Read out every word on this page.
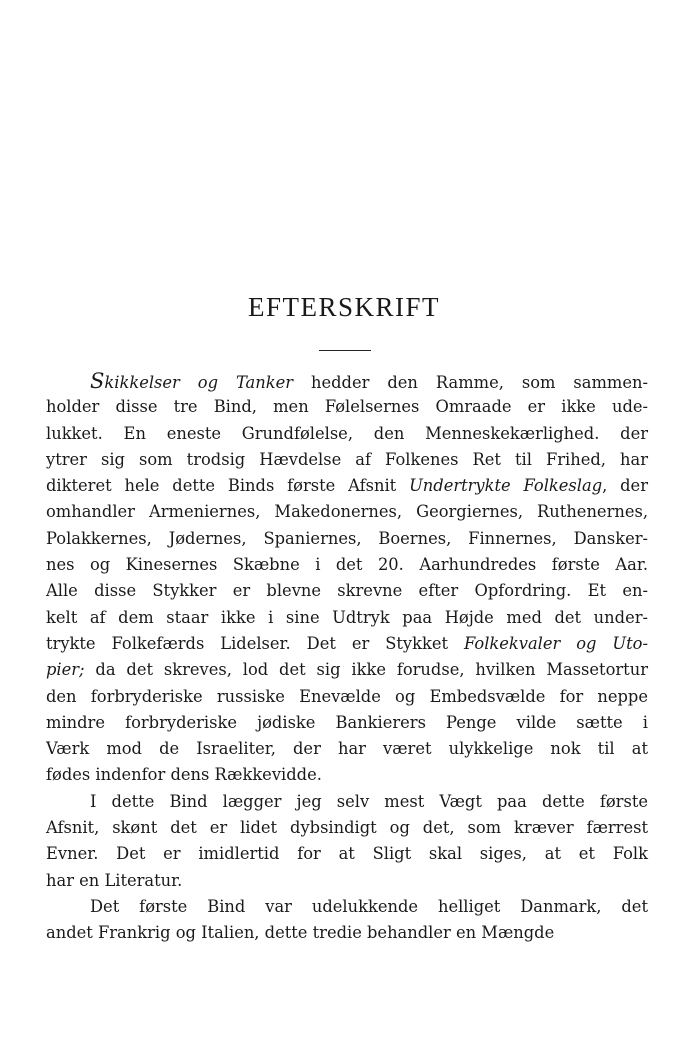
EFTERSKRIFT
Skikkelser og Tanker hedder den Ramme, som sammen-
holder disse tre Bind, men Følelsernes Omraade er ikke ude-
lukket. En eneste Grundfølelse, den Menneskekærlighed. der
ytrer sig som trodsig Hævdelse af Folkenes Ret til Frihed, har
dikteret hele dette Binds første Afsnit Undertrykte Folkeslag, der
omhandler Armeniernes, Makedonernes, Georgiernes, Ruthenernes,
Polakkernes, Jødernes, Spaniernes, Boernes, Finnernes, Dansker-
nes og Kinesernes Skæbne i det 20. Aarhundredes første Aar.
Alle disse Stykker er blevne skrevne efter Opfordring. Et en-
kelt af dem staar ikke i sine Udtryk paa Højde med det under-
trykte Folkefærds Lidelser. Det er Stykket Folkekvaler og Uto-
pier; da det skreves, lod det sig ikke forudse, hvilken Massetortur
den forbryderiske russiske Enevælde og Embedsvælde for neppe
mindre forbryderiske jødiske Bankierers Penge vilde sætte i
Værk mod de Israeliter, der har været ulykkelige nok til at
fødes indenfor dens Rækkevidde.
I dette Bind lægger jeg selv mest Vægt paa dette første
Afsnit, skønt det er lidet dybsindigt og det, som kræver færrest
Evner. Det er imidlertid for at Sligt skal siges, at et Folk
har en Literatur.
Det første Bind var udelukkende helliget Danmark, det
andet Frankrig og Italien, dette tredie behandler en Mængde
